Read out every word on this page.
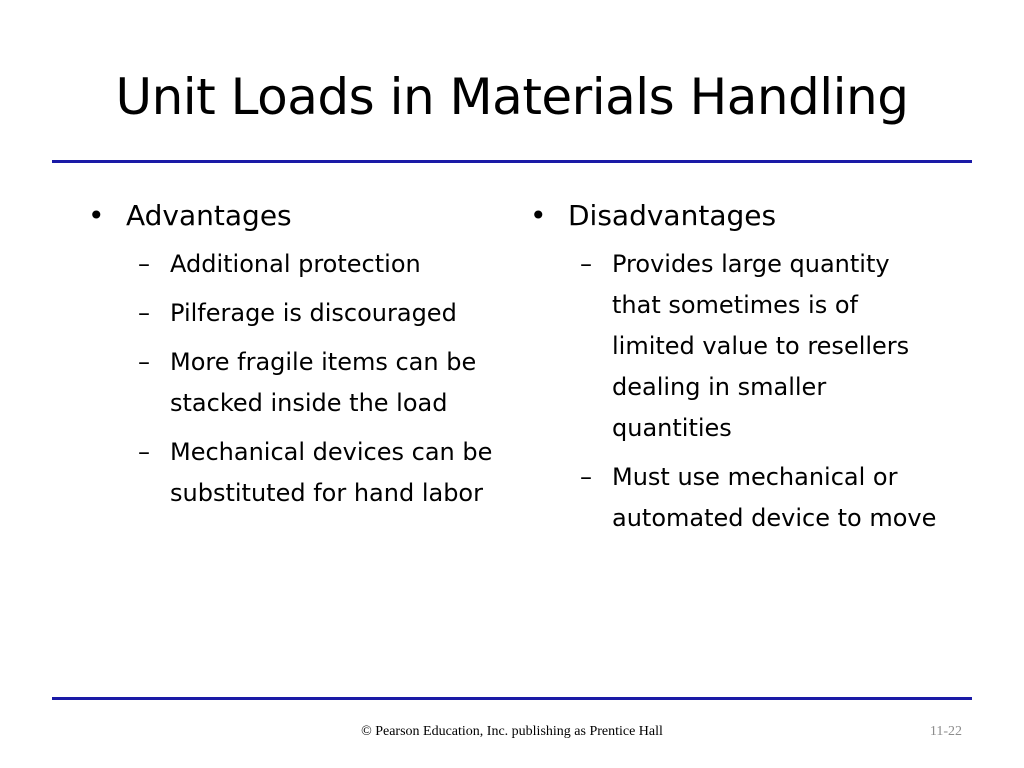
Unit Loads in Materials Handling
• Advantages
– Additional protection
– Pilferage is discouraged
– More fragile items can be stacked inside the load
– Mechanical devices can be substituted for hand labor
• Disadvantages
– Provides large quantity that sometimes is of limited value to resellers dealing in smaller quantities
– Must use mechanical or automated device to move
© Pearson Education, Inc. publishing as Prentice Hall	11-22
